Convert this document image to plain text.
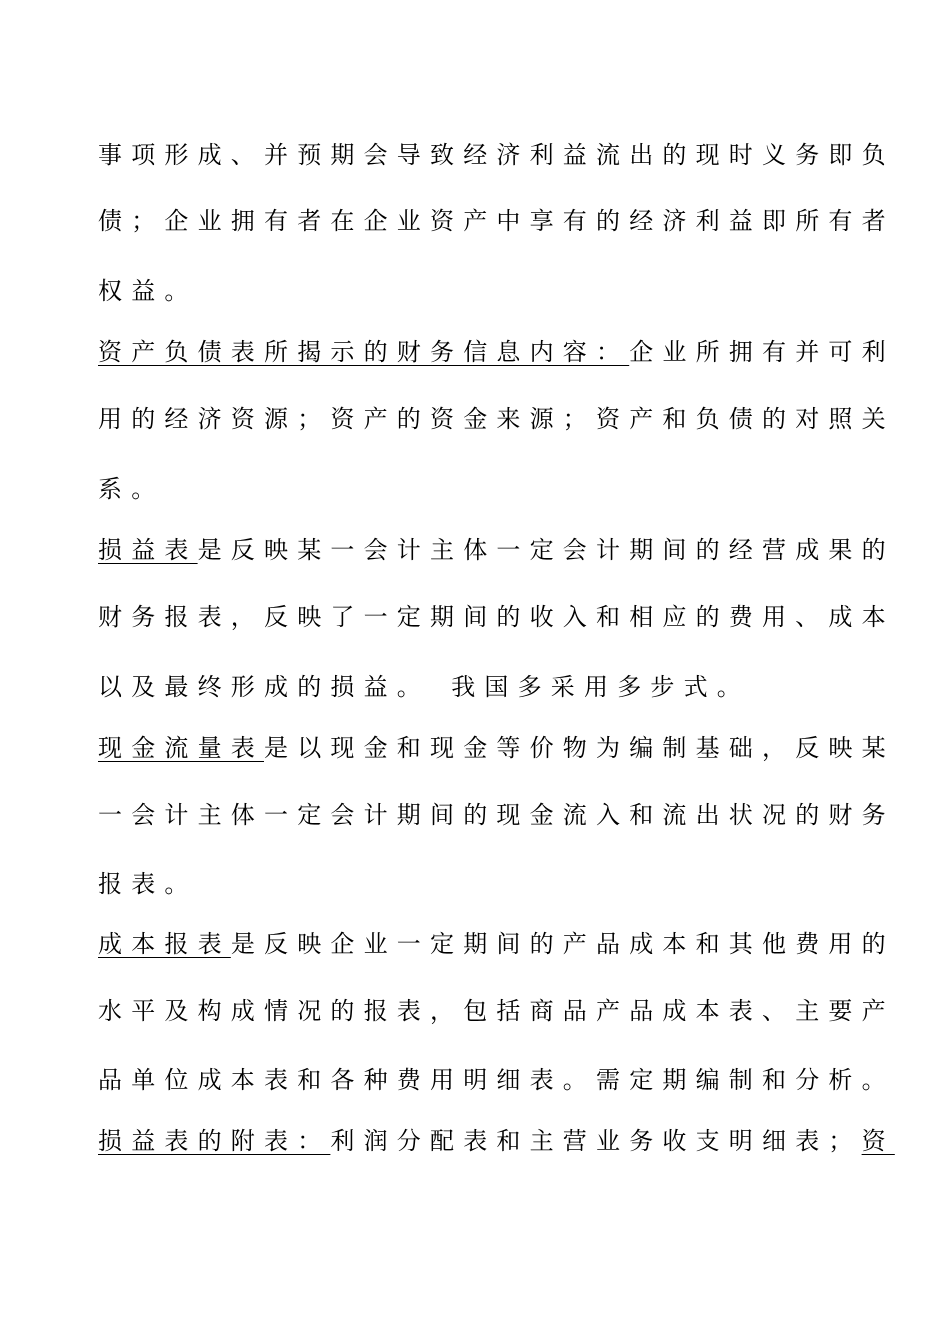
事项形成、并预期会导致经济利益流出的现时义务即负
债；企业拥有者在企业资产中享有的经济利益即所有者
权益。
资产负债表所揭示的财务信息内容：企业所拥有并可利
用的经济资源；资产的资金来源；资产和负债的对照关
系。
损益表是反映某一会计主体一定会计期间的经营成果的
财务报表，反映了一定期间的收入和相应的费用、成本
以及最终形成的损益。　我国多采用多步式。
现金流量表是以现金和现金等价物为编制基础，反映某
一会计主体一定会计期间的现金流入和流出状况的财务
报表。
成本报表是反映企业一定期间的产品成本和其他费用的
水平及构成情况的报表，包括商品产品成本表、主要产
品单位成本表和各种费用明细表。需定期编制和分析。
损益表的附表：利润分配表和主营业务收支明细表；资
